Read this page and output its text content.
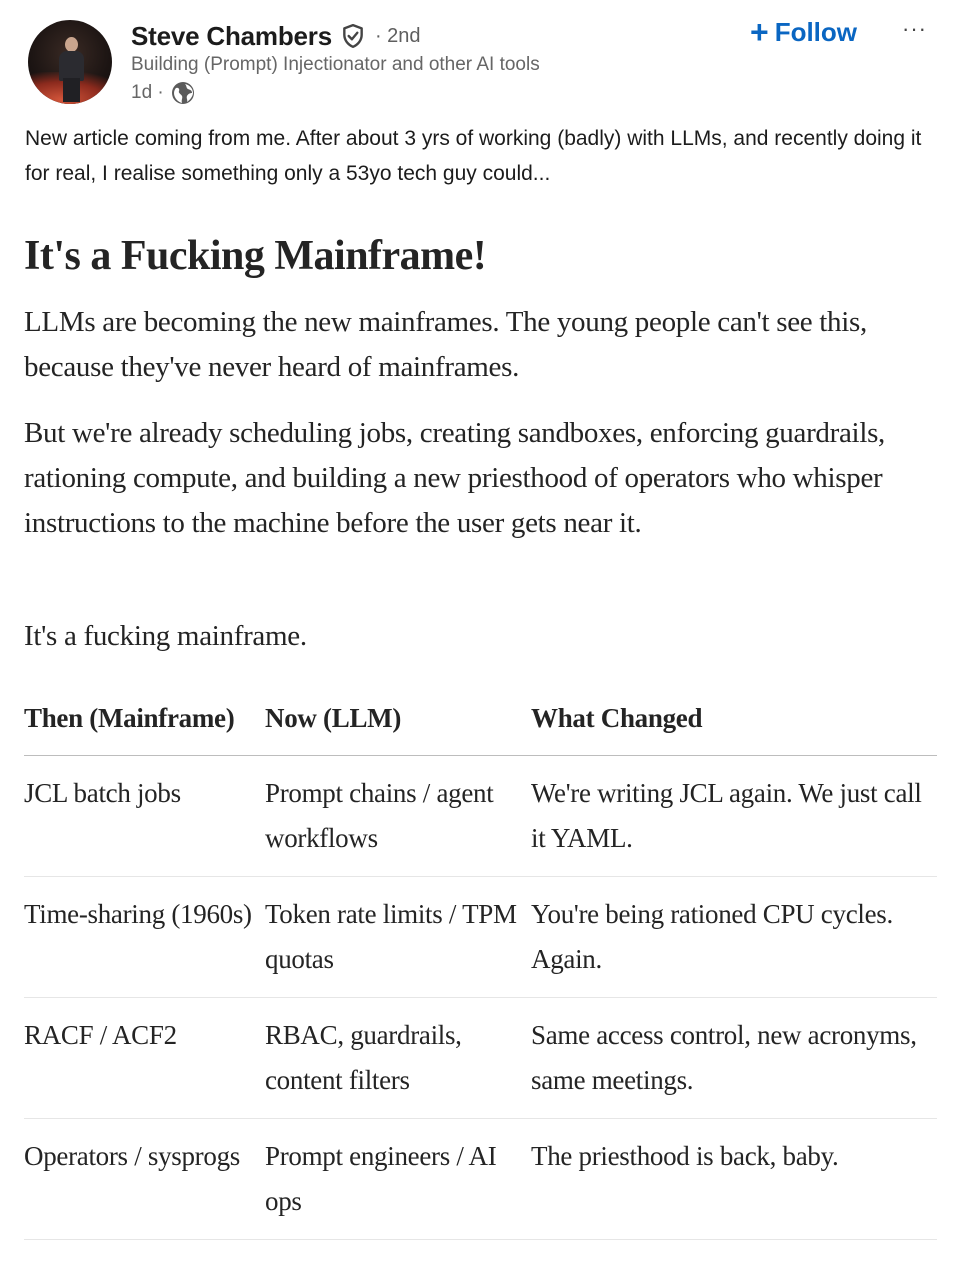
Steve Chambers · 2nd
Building (Prompt) Injectionator and other AI tools
1d ·
+ Follow ···
New article coming from me. After about 3 yrs of working (badly) with LLMs, and recently doing it for real, I realise something only a 53yo tech guy could...
It's a Fucking Mainframe!

LLMs are becoming the new mainframes. The young people can't see this, because they've never heard of mainframes.

But we're already scheduling jobs, creating sandboxes, enforcing guardrails, rationing compute, and building a new priesthood of operators who whisper instructions to the machine before the user gets near it.

It's a fucking mainframe.

Then (Mainframe)	Now (LLM)	What Changed
JCL batch jobs	Prompt chains / agent workflows	We're writing JCL again. We just call it YAML.
Time-sharing (1960s)	Token rate limits / TPM quotas	You're being rationed CPU cycles. Again.
RACF / ACF2	RBAC, guardrails, content filters	Same access control, new acronyms, same meetings.
Operators / sysprogs	Prompt engineers / AI ops	The priesthood is back, baby.
